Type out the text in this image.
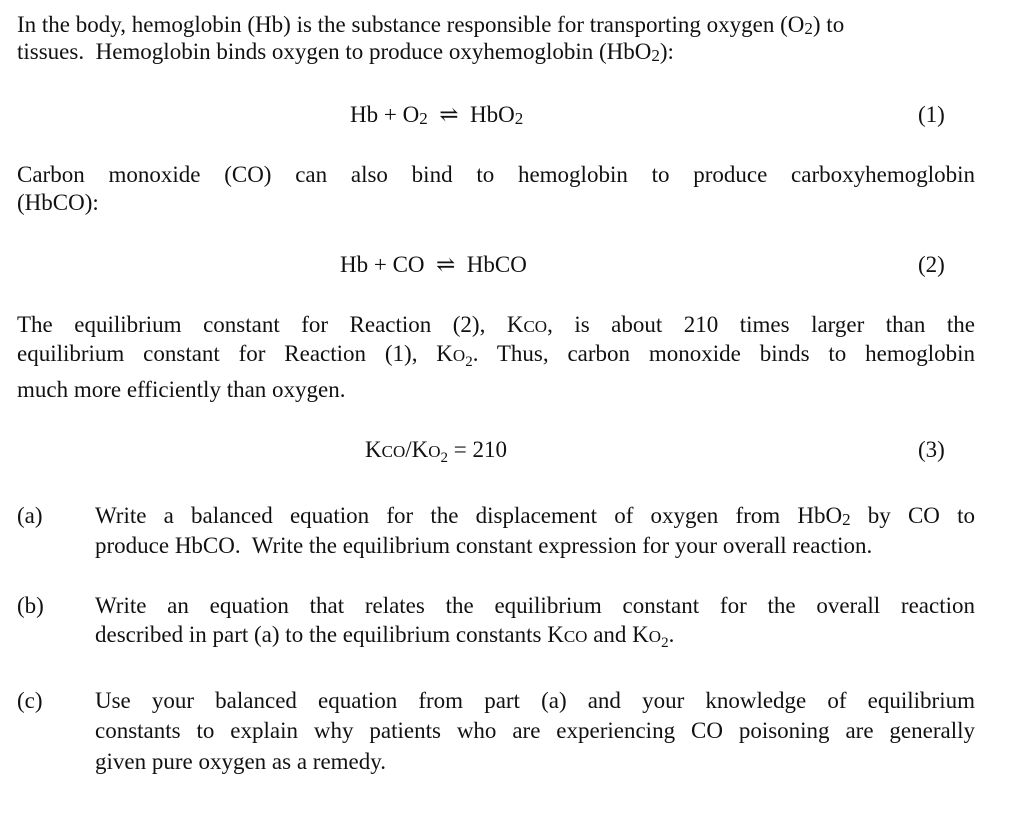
In the body, hemoglobin (Hb) is the substance responsible for transporting oxygen (O2) to
tissues.  Hemoglobin binds oxygen to produce oxyhemoglobin (HbO2):
Hb + O2  ⇌  HbO2	(1)
Carbon monoxide (CO) can also bind to hemoglobin to produce carboxyhemoglobin
(HbCO):
Hb + CO  ⇌  HbCO	(2)
The equilibrium constant for Reaction (2), KCO, is about 210 times larger than the
equilibrium constant for Reaction (1), $KO_2$. Thus, carbon monoxide binds to hemoglobin
much more efficiently than oxygen.
KCO/$KO_2 = 210$	(3)
(a) Write a balanced equation for the displacement of oxygen from HbO2 by CO to
produce HbCO.  Write the equilibrium constant expression for your overall reaction.
(b) Write an equation that relates the equilibrium constant for the overall reaction
described in part (a) to the equilibrium constants KCO and $KO_2$.
(c) Use your balanced equation from part (a) and your knowledge of equilibrium
constants to explain why patients who are experiencing CO poisoning are generally
given pure oxygen as a remedy.
